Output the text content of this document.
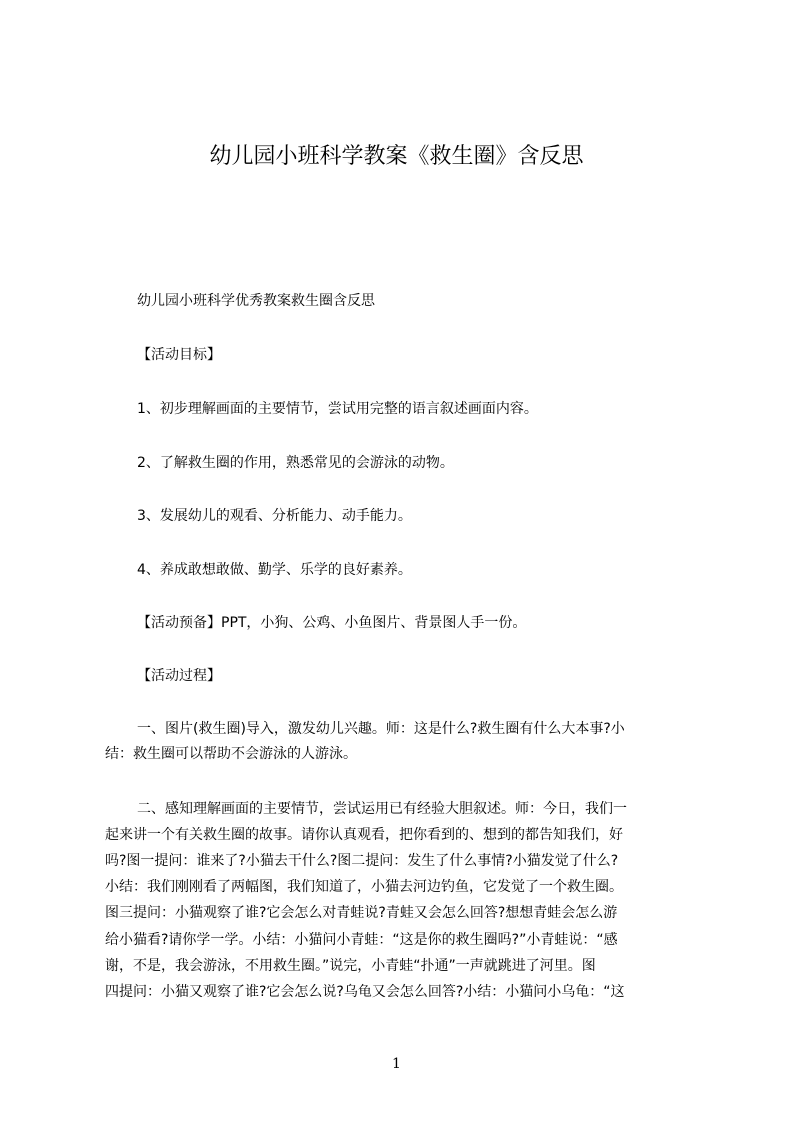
幼儿园小班科学教案《救生圈》含反思
幼儿园小班科学优秀教案救生圈含反思
【活动目标】
1、初步理解画面的主要情节，尝试用完整的语言叙述画面内容。
2、了解救生圈的作用，熟悉常见的会游泳的动物。
3、发展幼儿的观看、分析能力、动手能力。
4、养成敢想敢做、勤学、乐学的良好素养。
【活动预备】PPT，小狗、公鸡、小鱼图片、背景图人手一份。
【活动过程】
一、图片(救生圈)导入，激发幼儿兴趣。师：这是什么?救生圈有什么大本事?小
结：救生圈可以帮助不会游泳的人游泳。
二、感知理解画面的主要情节，尝试运用已有经验大胆叙述。师：今日，我们一
起来讲一个有关救生圈的故事。请你认真观看，把你看到的、想到的都告知我们，好
吗?图一提问：谁来了?小猫去干什么?图二提问：发生了什么事情?小猫发觉了什么?
小结：我们刚刚看了两幅图，我们知道了，小猫去河边钓鱼，它发觉了一个救生圈。
图三提问：小猫观察了谁?它会怎么对青蛙说?青蛙又会怎么回答?想想青蛙会怎么游
给小猫看?请你学一学。小结：小猫问小青蛙：“这是你的救生圈吗?”小青蛙说：“感
谢，不是，我会游泳，不用救生圈。”说完，小青蛙“扑通”一声就跳进了河里。图
四提问：小猫又观察了谁?它会怎么说?乌龟又会怎么回答?小结：小猫问小乌龟：“这
1
